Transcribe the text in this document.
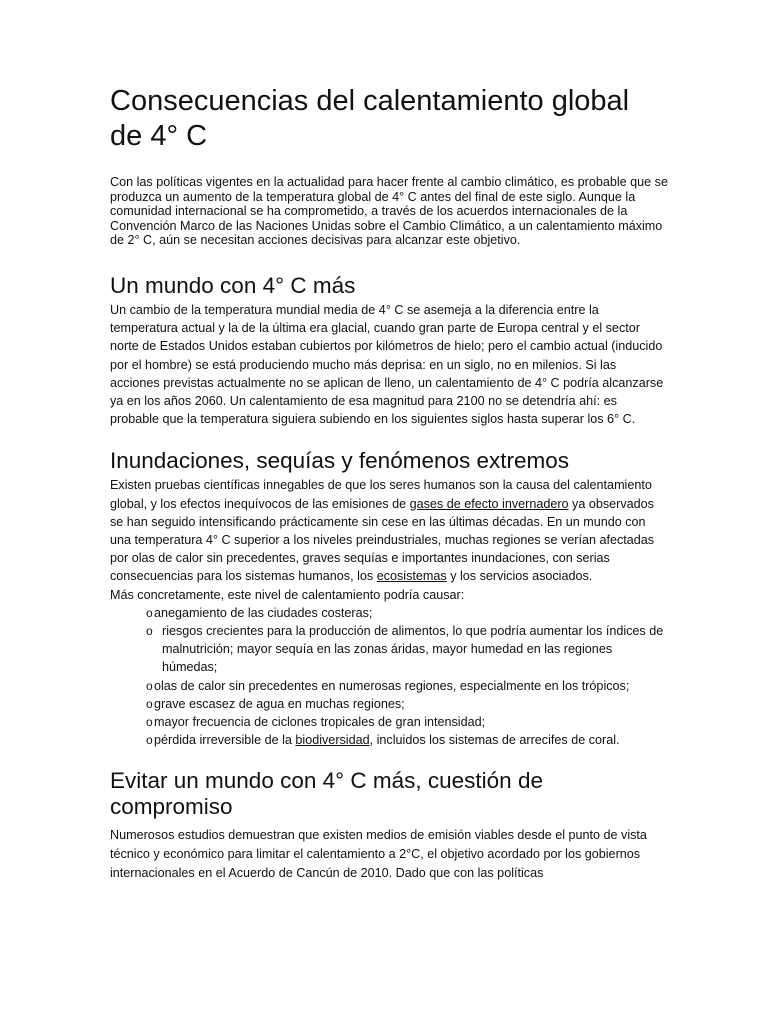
Consecuencias del calentamiento global de 4° C

Con las políticas vigentes en la actualidad para hacer frente al cambio climático, es probable que se produzca un aumento de la temperatura global de 4° C antes del final de este siglo. Aunque la comunidad internacional se ha comprometido, a través de los acuerdos internacionales de la Convención Marco de las Naciones Unidas sobre el Cambio Climático, a un calentamiento máximo de 2° C, aún se necesitan acciones decisivas para alcanzar este objetivo.

Un mundo con 4° C más

Un cambio de la temperatura mundial media de 4° C se asemeja a la diferencia entre la temperatura actual y la de la última era glacial, cuando gran parte de Europa central y el sector norte de Estados Unidos estaban cubiertos por kilómetros de hielo; pero el cambio actual (inducido por el hombre) se está produciendo mucho más deprisa: en un siglo, no en milenios. Si las acciones previstas actualmente no se aplican de lleno, un calentamiento de 4° C podría alcanzarse ya en los años 2060. Un calentamiento de esa magnitud para 2100 no se detendría ahí: es probable que la temperatura siguiera subiendo en los siguientes siglos hasta superar los 6° C.

Inundaciones, sequías y fenómenos extremos

Existen pruebas científicas innegables de que los seres humanos son la causa del calentamiento global, y los efectos inequívocos de las emisiones de gases de efecto invernadero ya observados se han seguido intensificando prácticamente sin cese en las últimas décadas. En un mundo con una temperatura 4° C superior a los niveles preindustriales, muchas regiones se verían afectadas por olas de calor sin precedentes, graves sequías e importantes inundaciones, con serias consecuencias para los sistemas humanos, los ecosistemas y los servicios asociados.

Más concretamente, este nivel de calentamiento podría causar:

o anegamiento de las ciudades costeras;
o riesgos crecientes para la producción de alimentos, lo que podría aumentar los índices de malnutrición; mayor sequía en las zonas áridas, mayor humedad en las regiones húmedas;
o olas de calor sin precedentes en numerosas regiones, especialmente en los trópicos;
o grave escasez de agua en muchas regiones;
o mayor frecuencia de ciclones tropicales de gran intensidad;
o pérdida irreversible de la biodiversidad, incluidos los sistemas de arrecifes de coral.
Evitar un mundo con 4° C más, cuestión de compromiso

Numerosos estudios demuestran que existen medios de emisión viables desde el punto de vista técnico y económico para limitar el calentamiento a 2°C, el objetivo acordado por los gobiernos internacionales en el Acuerdo de Cancún de 2010. Dado que con las políticas
